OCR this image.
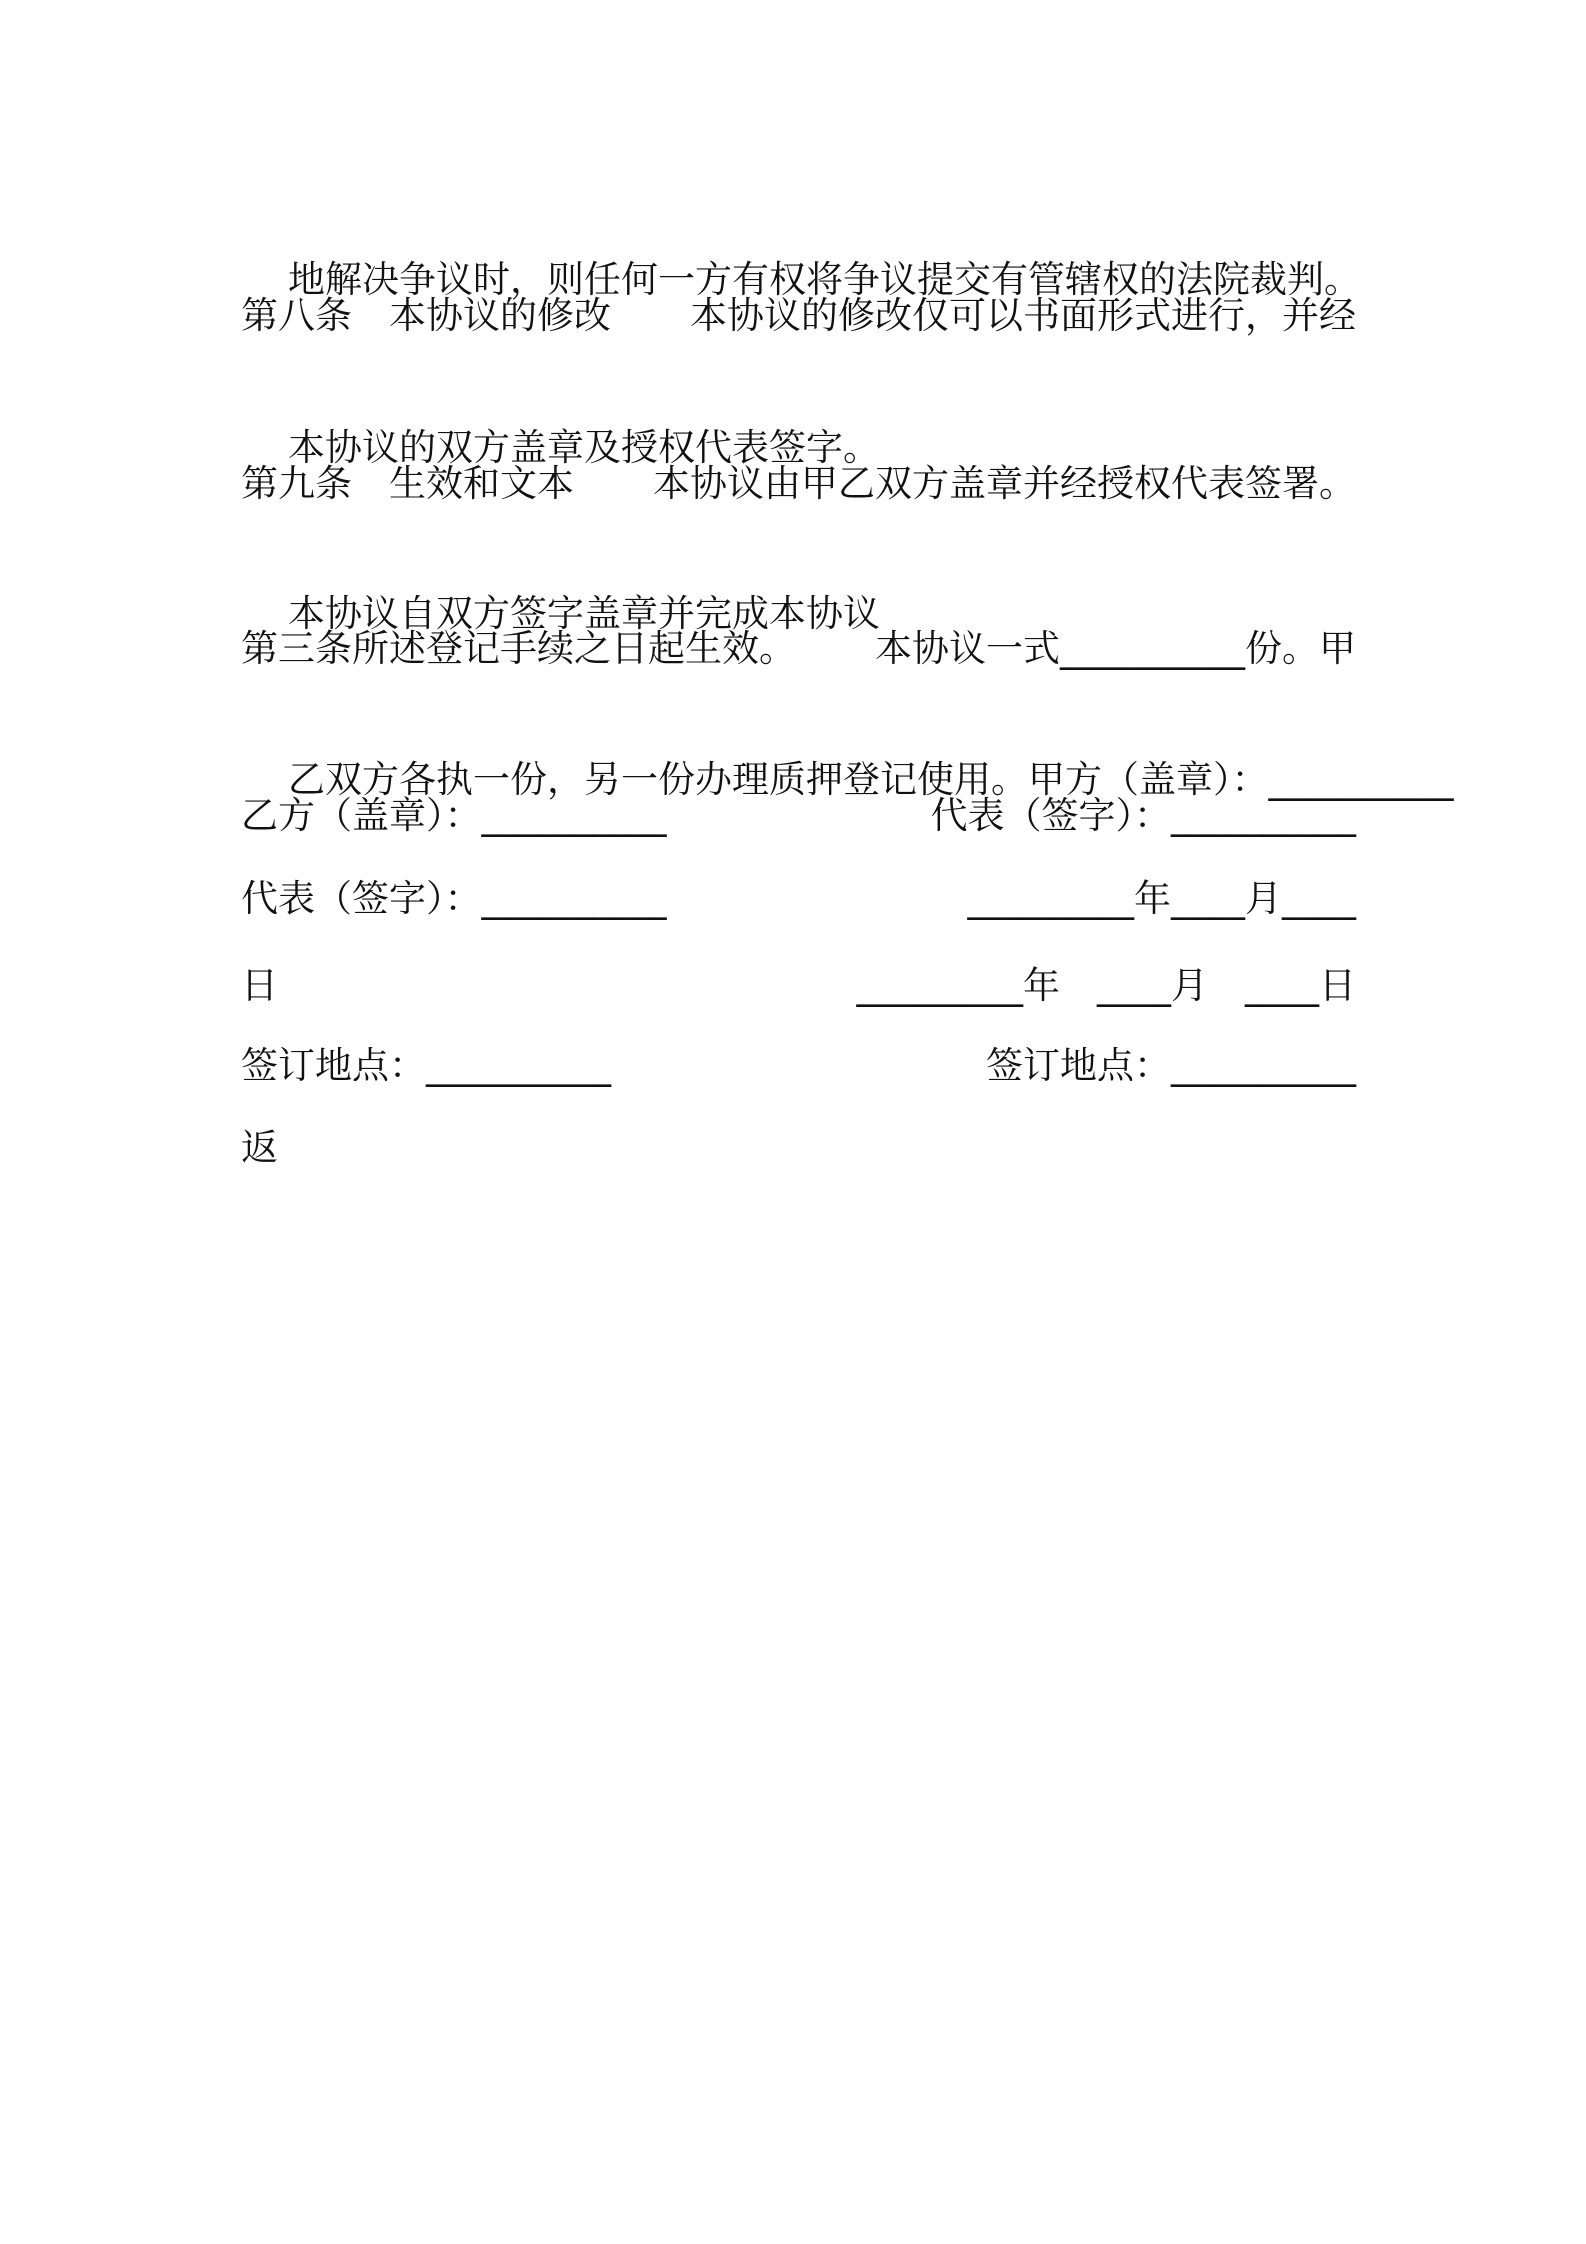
地解决争议时，则任何一方有权将争议提交有管辖权的法院裁判。

第八条　本协议的修改　　 本协议的修改仅可以书面形式进行，并经

本协议的双方盖章及授权代表签字。

第九条　生效和文本　　 本协议由甲乙双方盖章并经授权代表签署。

本协议自双方签字盖章并完成本协议

第三条所述登记手续之日起生效。　　 本协议一式__________份。甲

乙双方各执一份，另一份办理质押登记使用。甲方（盖章）：__________

乙方（盖章）：__________	代表（签字）：__________
代表（签字）：__________	_________年____月____
日	_________年　____月　____日
签订地点：__________	签订地点：__________
返
